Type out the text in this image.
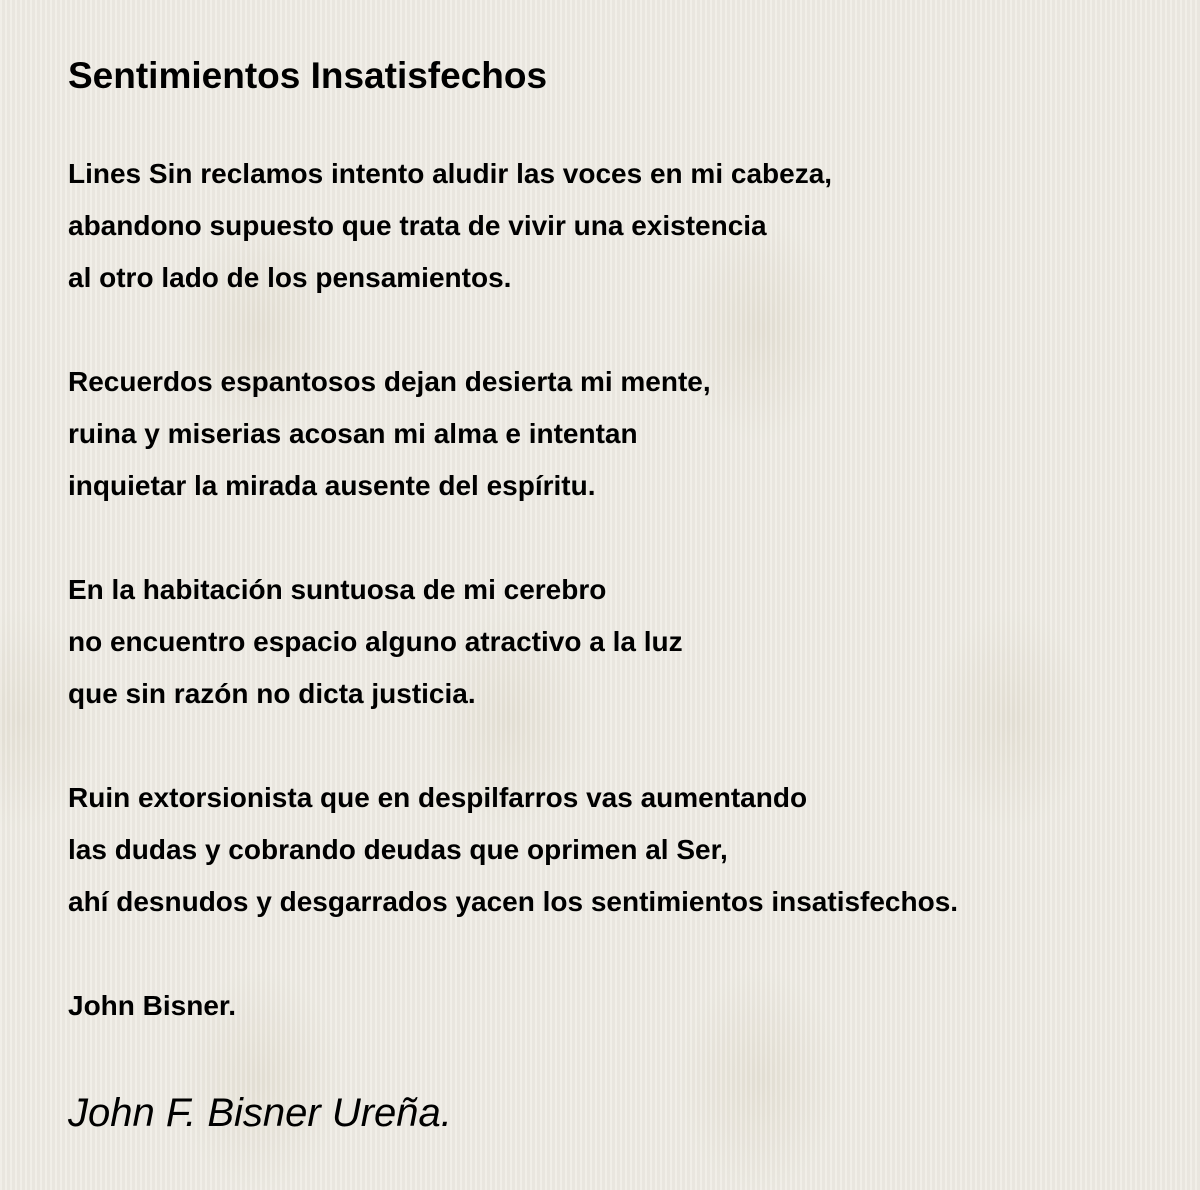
Sentimientos Insatisfechos
Lines Sin reclamos intento aludir las voces en mi cabeza,
abandono supuesto que trata de vivir una existencia
al otro lado de los pensamientos.
Recuerdos espantosos dejan desierta mi mente,
ruina y miserias acosan mi alma e intentan
inquietar la mirada ausente del espíritu.
En la habitación suntuosa de mi cerebro
no encuentro espacio alguno atractivo a la luz
que sin razón no dicta justicia.
Ruin extorsionista que en despilfarros vas aumentando
las dudas y cobrando deudas que oprimen al Ser,
ahí desnudos y desgarrados yacen los sentimientos insatisfechos.
John Bisner.
John F. Bisner Ureña.
